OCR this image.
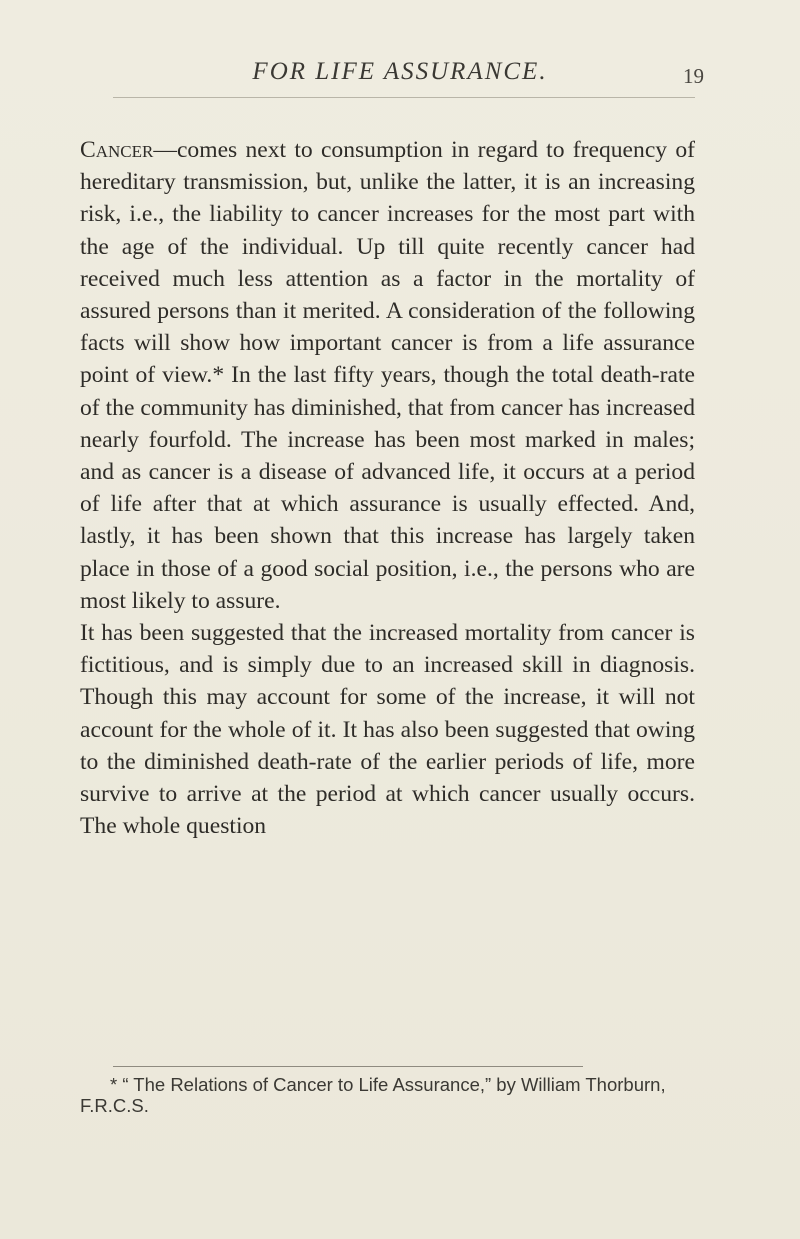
FOR LIFE ASSURANCE.	19

Cancer—comes next to consumption in regard to frequency of hereditary transmission, but, unlike the latter, it is an increasing risk, i.e., the liability to cancer increases for the most part with the age of the individual. Up till quite recently cancer had received much less attention as a factor in the mortality of assured persons than it merited. A consideration of the following facts will show how important cancer is from a life assurance point of view.* In the last fifty years, though the total death-rate of the community has diminished, that from cancer has increased nearly fourfold. The increase has been most marked in males; and as cancer is a disease of advanced life, it occurs at a period of life after that at which assurance is usually effected. And, lastly, it has been shown that this increase has largely taken place in those of a good social position, i.e., the persons who are most likely to assure.

It has been suggested that the increased mortality from cancer is fictitious, and is simply due to an increased skill in diagnosis. Though this may account for some of the increase, it will not account for the whole of it. It has also been suggested that owing to the diminished death-rate of the earlier periods of life, more survive to arrive at the period at which cancer usually occurs. The whole question

* “ The Relations of Cancer to Life Assurance,” by William Thorburn, F.R.C.S.
